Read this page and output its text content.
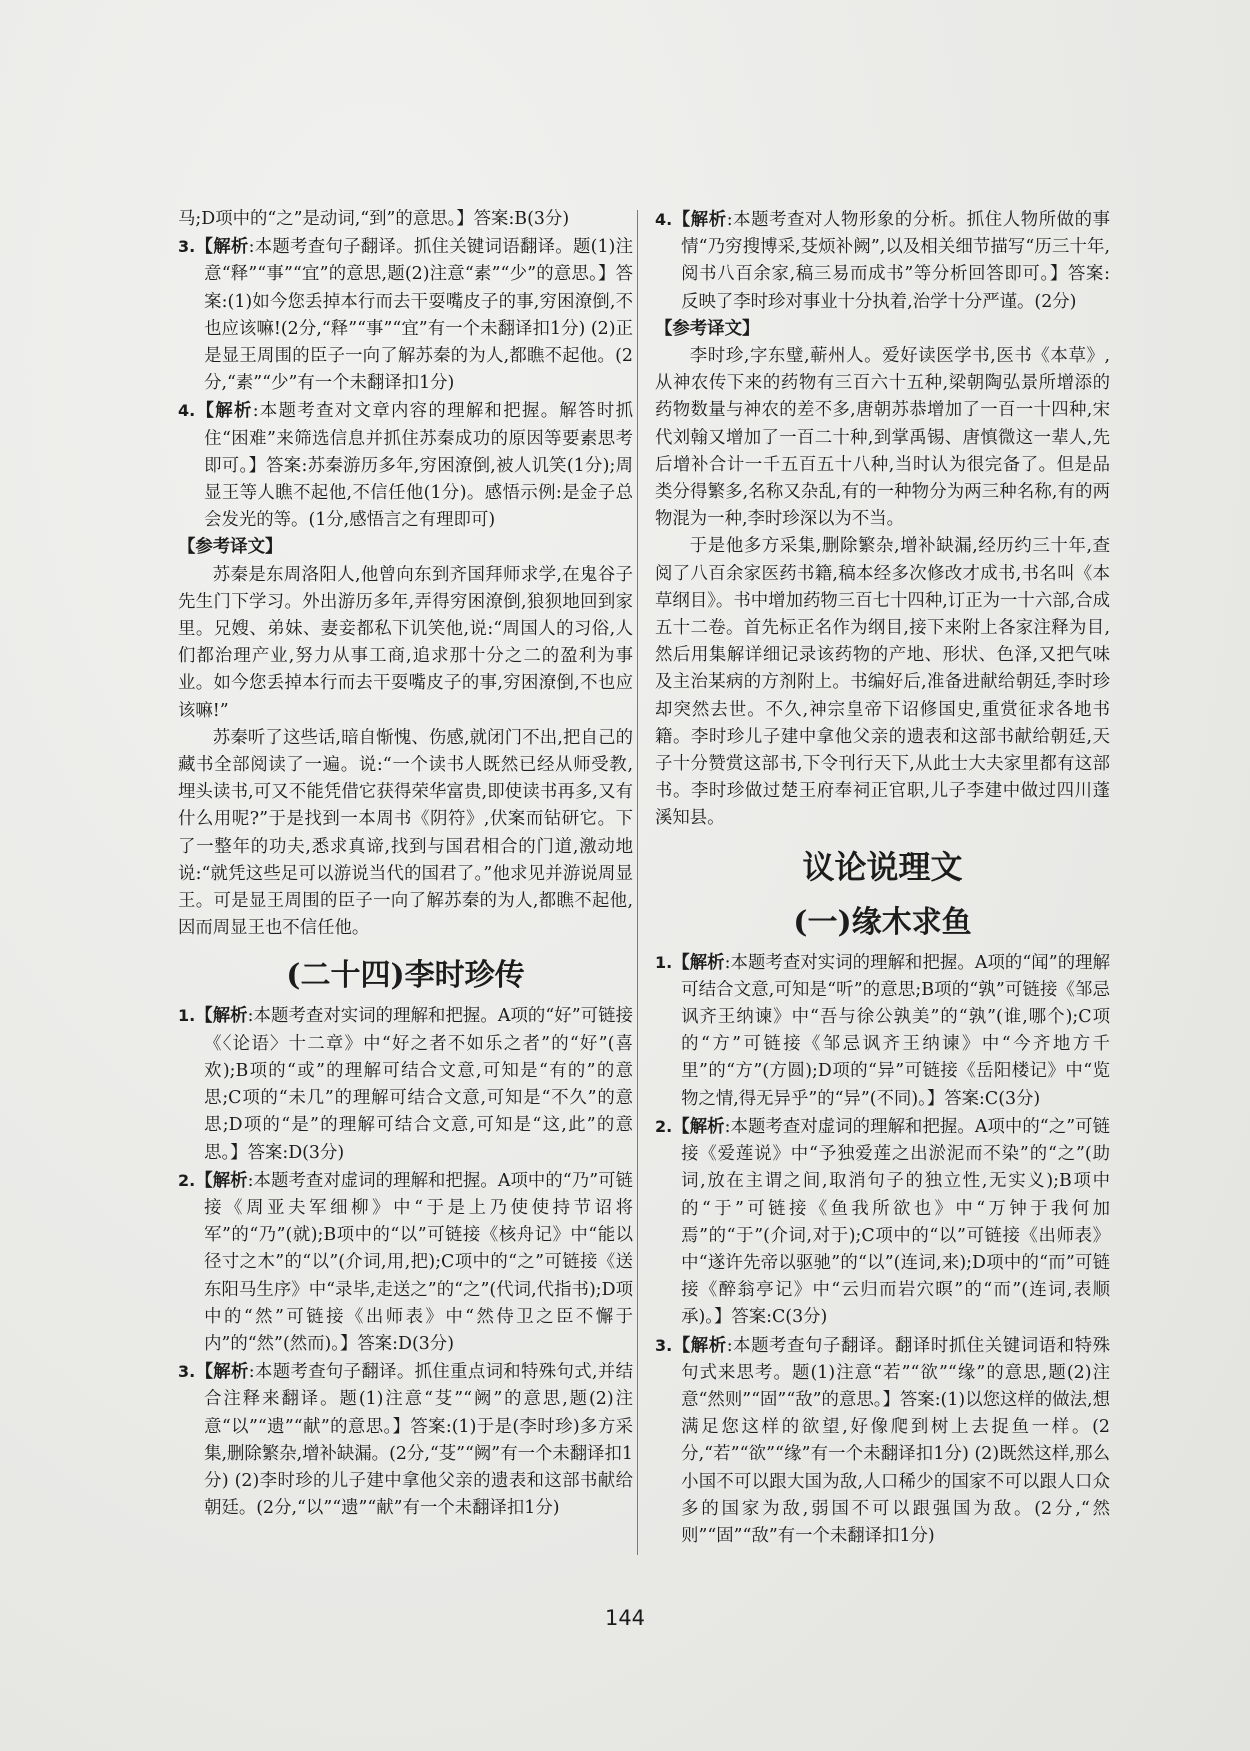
马;D项中的“之”是动词,“到”的意思。】答案:B(3分)

3.【解析:本题考查句子翻译。抓住关键词语翻译。题(1)注意“释”“事”“宜”的意思,题(2)注意“素”“少”的意思。】答案:(1)如今您丢掉本行而去干耍嘴皮子的事,穷困潦倒,不也应该嘛!(2分,“释”“事”“宜”有一个未翻译扣1分) (2)正是显王周围的臣子一向了解苏秦的为人,都瞧不起他。(2分,“素”“少”有一个未翻译扣1分)

4.【解析:本题考查对文章内容的理解和把握。解答时抓住“困难”来筛选信息并抓住苏秦成功的原因等要素思考即可。】答案:苏秦游历多年,穷困潦倒,被人讥笑(1分);周显王等人瞧不起他,不信任他(1分)。感悟示例:是金子总会发光的等。(1分,感悟言之有理即可)

【参考译文】

苏秦是东周洛阳人,他曾向东到齐国拜师求学,在鬼谷子先生门下学习。外出游历多年,弄得穷困潦倒,狼狈地回到家里。兄嫂、弟妹、妻妾都私下讥笑他,说:“周国人的习俗,人们都治理产业,努力从事工商,追求那十分之二的盈利为事业。如今您丢掉本行而去干耍嘴皮子的事,穷困潦倒,不也应该嘛!”

苏秦听了这些话,暗自惭愧、伤感,就闭门不出,把自己的藏书全部阅读了一遍。说:“一个读书人既然已经从师受教,埋头读书,可又不能凭借它获得荣华富贵,即使读书再多,又有什么用呢?”于是找到一本周书《阴符》,伏案而钻研它。下了一整年的功夫,悉求真谛,找到与国君相合的门道,激动地说:“就凭这些足可以游说当代的国君了。”他求见并游说周显王。可是显王周围的臣子一向了解苏秦的为人,都瞧不起他,因而周显王也不信任他。

(二十四)李时珍传

1.【解析:本题考查对实词的理解和把握。A项的“好”可链接《〈论语〉十二章》中“好之者不如乐之者”的“好”(喜欢);B项的“或”的理解可结合文意,可知是“有的”的意思;C项的“未几”的理解可结合文意,可知是“不久”的意思;D项的“是”的理解可结合文意,可知是“这,此”的意思。】答案:D(3分)

2.【解析:本题考查对虚词的理解和把握。A项中的“乃”可链接《周亚夫军细柳》中“于是上乃使使持节诏将军”的“乃”(就);B项中的“以”可链接《核舟记》中“能以径寸之木”的“以”(介词,用,把);C项中的“之”可链接《送东阳马生序》中“录毕,走送之”的“之”(代词,代指书);D项中的“然”可链接《出师表》中“然侍卫之臣不懈于内”的“然”(然而)。】答案:D(3分)

3.【解析:本题考查句子翻译。抓住重点词和特殊句式,并结合注释来翻译。题(1)注意“芟”“阙”的意思,题(2)注意“以”“遗”“献”的意思。】答案:(1)于是(李时珍)多方采集,删除繁杂,增补缺漏。(2分,“芟”“阙”有一个未翻译扣1分) (2)李时珍的儿子建中拿他父亲的遗表和这部书献给朝廷。(2分,“以”“遗”“献”有一个未翻译扣1分)

4.【解析:本题考查对人物形象的分析。抓住人物所做的事情“乃穷搜博采,芟烦补阙”,以及相关细节描写“历三十年,阅书八百余家,稿三易而成书”等分析回答即可。】答案:反映了李时珍对事业十分执着,治学十分严谨。(2分)

【参考译文】

李时珍,字东璧,蕲州人。爱好读医学书,医书《本草》,从神农传下来的药物有三百六十五种,梁朝陶弘景所增添的药物数量与神农的差不多,唐朝苏恭增加了一百一十四种,宋代刘翰又增加了一百二十种,到掌禹锡、唐慎微这一辈人,先后增补合计一千五百五十八种,当时认为很完备了。但是品类分得繁多,名称又杂乱,有的一种物分为两三种名称,有的两物混为一种,李时珍深以为不当。

于是他多方采集,删除繁杂,增补缺漏,经历约三十年,查阅了八百余家医药书籍,稿本经多次修改才成书,书名叫《本草纲目》。书中增加药物三百七十四种,订正为一十六部,合成五十二卷。首先标正名作为纲目,接下来附上各家注释为目,然后用集解详细记录该药物的产地、形状、色泽,又把气味及主治某病的方剂附上。书编好后,准备进献给朝廷,李时珍却突然去世。不久,神宗皇帝下诏修国史,重赏征求各地书籍。李时珍儿子建中拿他父亲的遗表和这部书献给朝廷,天子十分赞赏这部书,下令刊行天下,从此士大夫家里都有这部书。李时珍做过楚王府奉祠正官职,儿子李建中做过四川蓬溪知县。

议论说理文
(一)缘木求鱼

1.【解析:本题考查对实词的理解和把握。A项的“闻”的理解可结合文意,可知是“听”的意思;B项的“孰”可链接《邹忌讽齐王纳谏》中“吾与徐公孰美”的“孰”(谁,哪个);C项的“方”可链接《邹忌讽齐王纳谏》中“今齐地方千里”的“方”(方圆);D项的“异”可链接《岳阳楼记》中“览物之情,得无异乎”的“异”(不同)。】答案:C(3分)

2.【解析:本题考查对虚词的理解和把握。A项中的“之”可链接《爱莲说》中“予独爱莲之出淤泥而不染”的“之”(助词,放在主谓之间,取消句子的独立性,无实义);B项中的“于”可链接《鱼我所欲也》中“万钟于我何加焉”的“于”(介词,对于);C项中的“以”可链接《出师表》中“遂许先帝以驱驰”的“以”(连词,来);D项中的“而”可链接《醉翁亭记》中“云归而岩穴暝”的“而”(连词,表顺承)。】答案:C(3分)

3.【解析:本题考查句子翻译。翻译时抓住关键词语和特殊句式来思考。题(1)注意“若”“欲”“缘”的意思,题(2)注意“然则”“固”“敌”的意思。】答案:(1)以您这样的做法,想满足您这样的欲望,好像爬到树上去捉鱼一样。(2分,“若”“欲”“缘”有一个未翻译扣1分) (2)既然这样,那么小国不可以跟大国为敌,人口稀少的国家不可以跟人口众多的国家为敌,弱国不可以跟强国为敌。(2分,“然则”“固”“敌”有一个未翻译扣1分)

144
